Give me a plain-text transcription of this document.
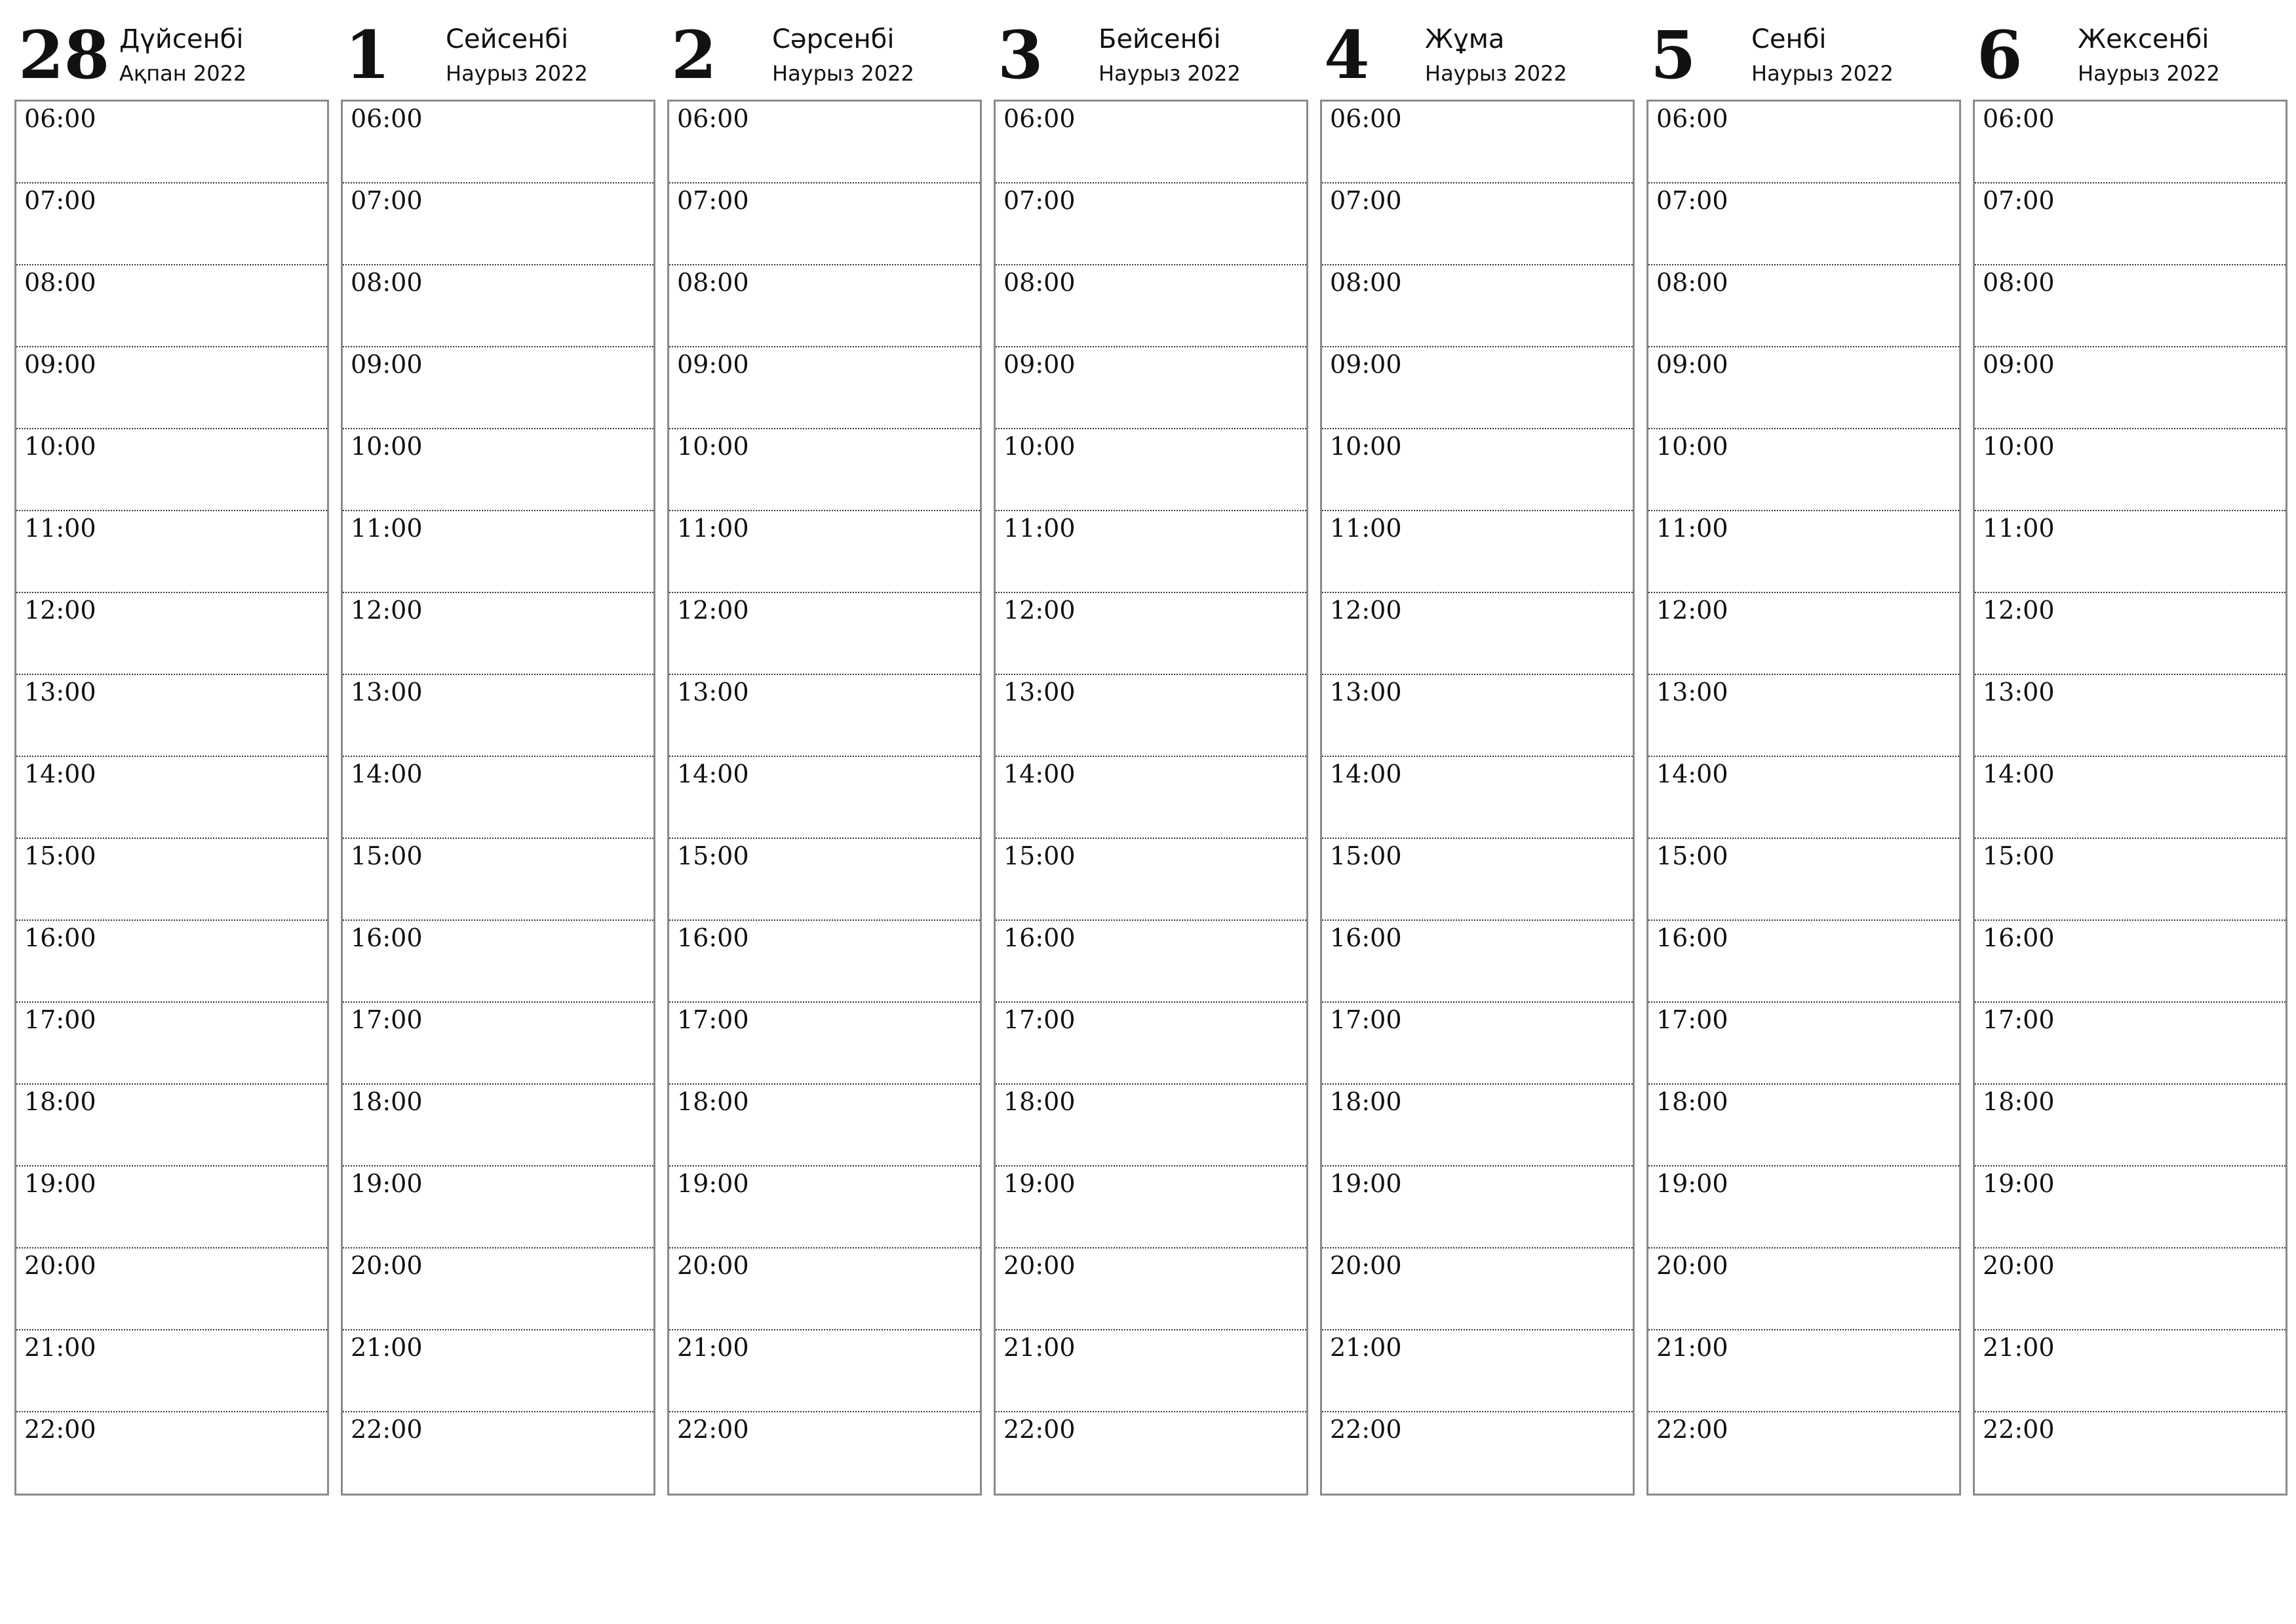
28 Дүйсенбі
Ақпан 2022
06:00
07:00
08:00
09:00
10:00
11:00
12:00
13:00
14:00
15:00
16:00
17:00
18:00
19:00
20:00
21:00
22:00
1 Сейсенбі
Наурыз 2022
06:00
07:00
08:00
09:00
10:00
11:00
12:00
13:00
14:00
15:00
16:00
17:00
18:00
19:00
20:00
21:00
22:00
2 Сәрсенбі
Наурыз 2022
06:00
07:00
08:00
09:00
10:00
11:00
12:00
13:00
14:00
15:00
16:00
17:00
18:00
19:00
20:00
21:00
22:00
3 Бейсенбі
Наурыз 2022
06:00
07:00
08:00
09:00
10:00
11:00
12:00
13:00
14:00
15:00
16:00
17:00
18:00
19:00
20:00
21:00
22:00
4 Жұма
Наурыз 2022
06:00
07:00
08:00
09:00
10:00
11:00
12:00
13:00
14:00
15:00
16:00
17:00
18:00
19:00
20:00
21:00
22:00
5 Сенбі
Наурыз 2022
06:00
07:00
08:00
09:00
10:00
11:00
12:00
13:00
14:00
15:00
16:00
17:00
18:00
19:00
20:00
21:00
22:00
6 Жексенбі
Наурыз 2022
06:00
07:00
08:00
09:00
10:00
11:00
12:00
13:00
14:00
15:00
16:00
17:00
18:00
19:00
20:00
21:00
22:00
